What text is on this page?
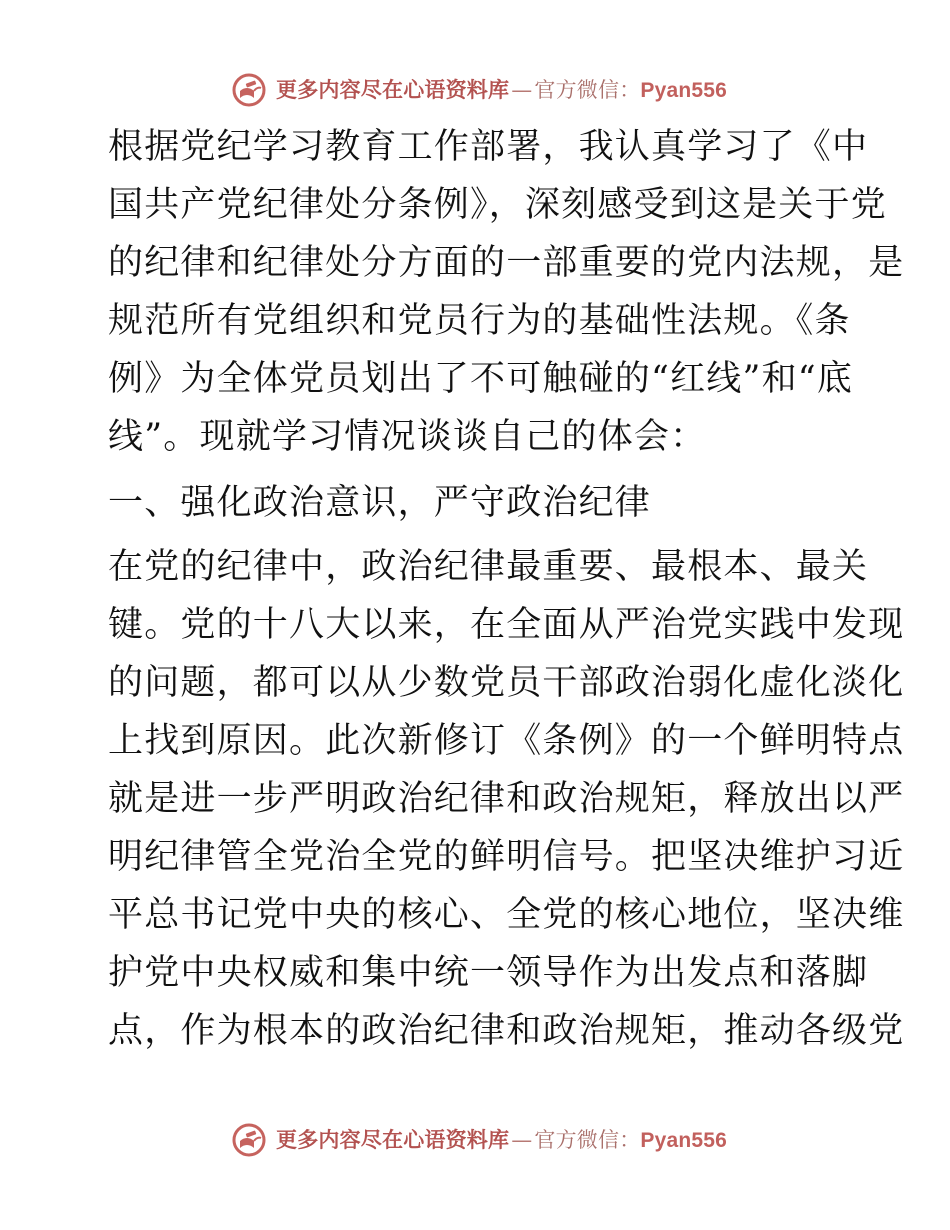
更多内容尽在心语资料库—官方微信：Pyan556

根据党纪学习教育工作部署，我认真学习了《中
国共产党纪律处分条例》，深刻感受到这是关于党
的纪律和纪律处分方面的一部重要的党内法规，是
规范所有党组织和党员行为的基础性法规。《条
例》为全体党员划出了不可触碰的“红线”和“底
线”。现就学习情况谈谈自己的体会：

一、强化政治意识，严守政治纪律

在党的纪律中，政治纪律最重要、最根本、最关
键。党的十八大以来，在全面从严治党实践中发现
的问题，都可以从少数党员干部政治弱化虚化淡化
上找到原因。此次新修订《条例》的一个鲜明特点
就是进一步严明政治纪律和政治规矩，释放出以严
明纪律管全党治全党的鲜明信号。把坚决维护习近
平总书记党中央的核心、全党的核心地位，坚决维
护党中央权威和集中统一领导作为出发点和落脚
点，作为根本的政治纪律和政治规矩，推动各级党

更多内容尽在心语资料库—官方微信：Pyan556
